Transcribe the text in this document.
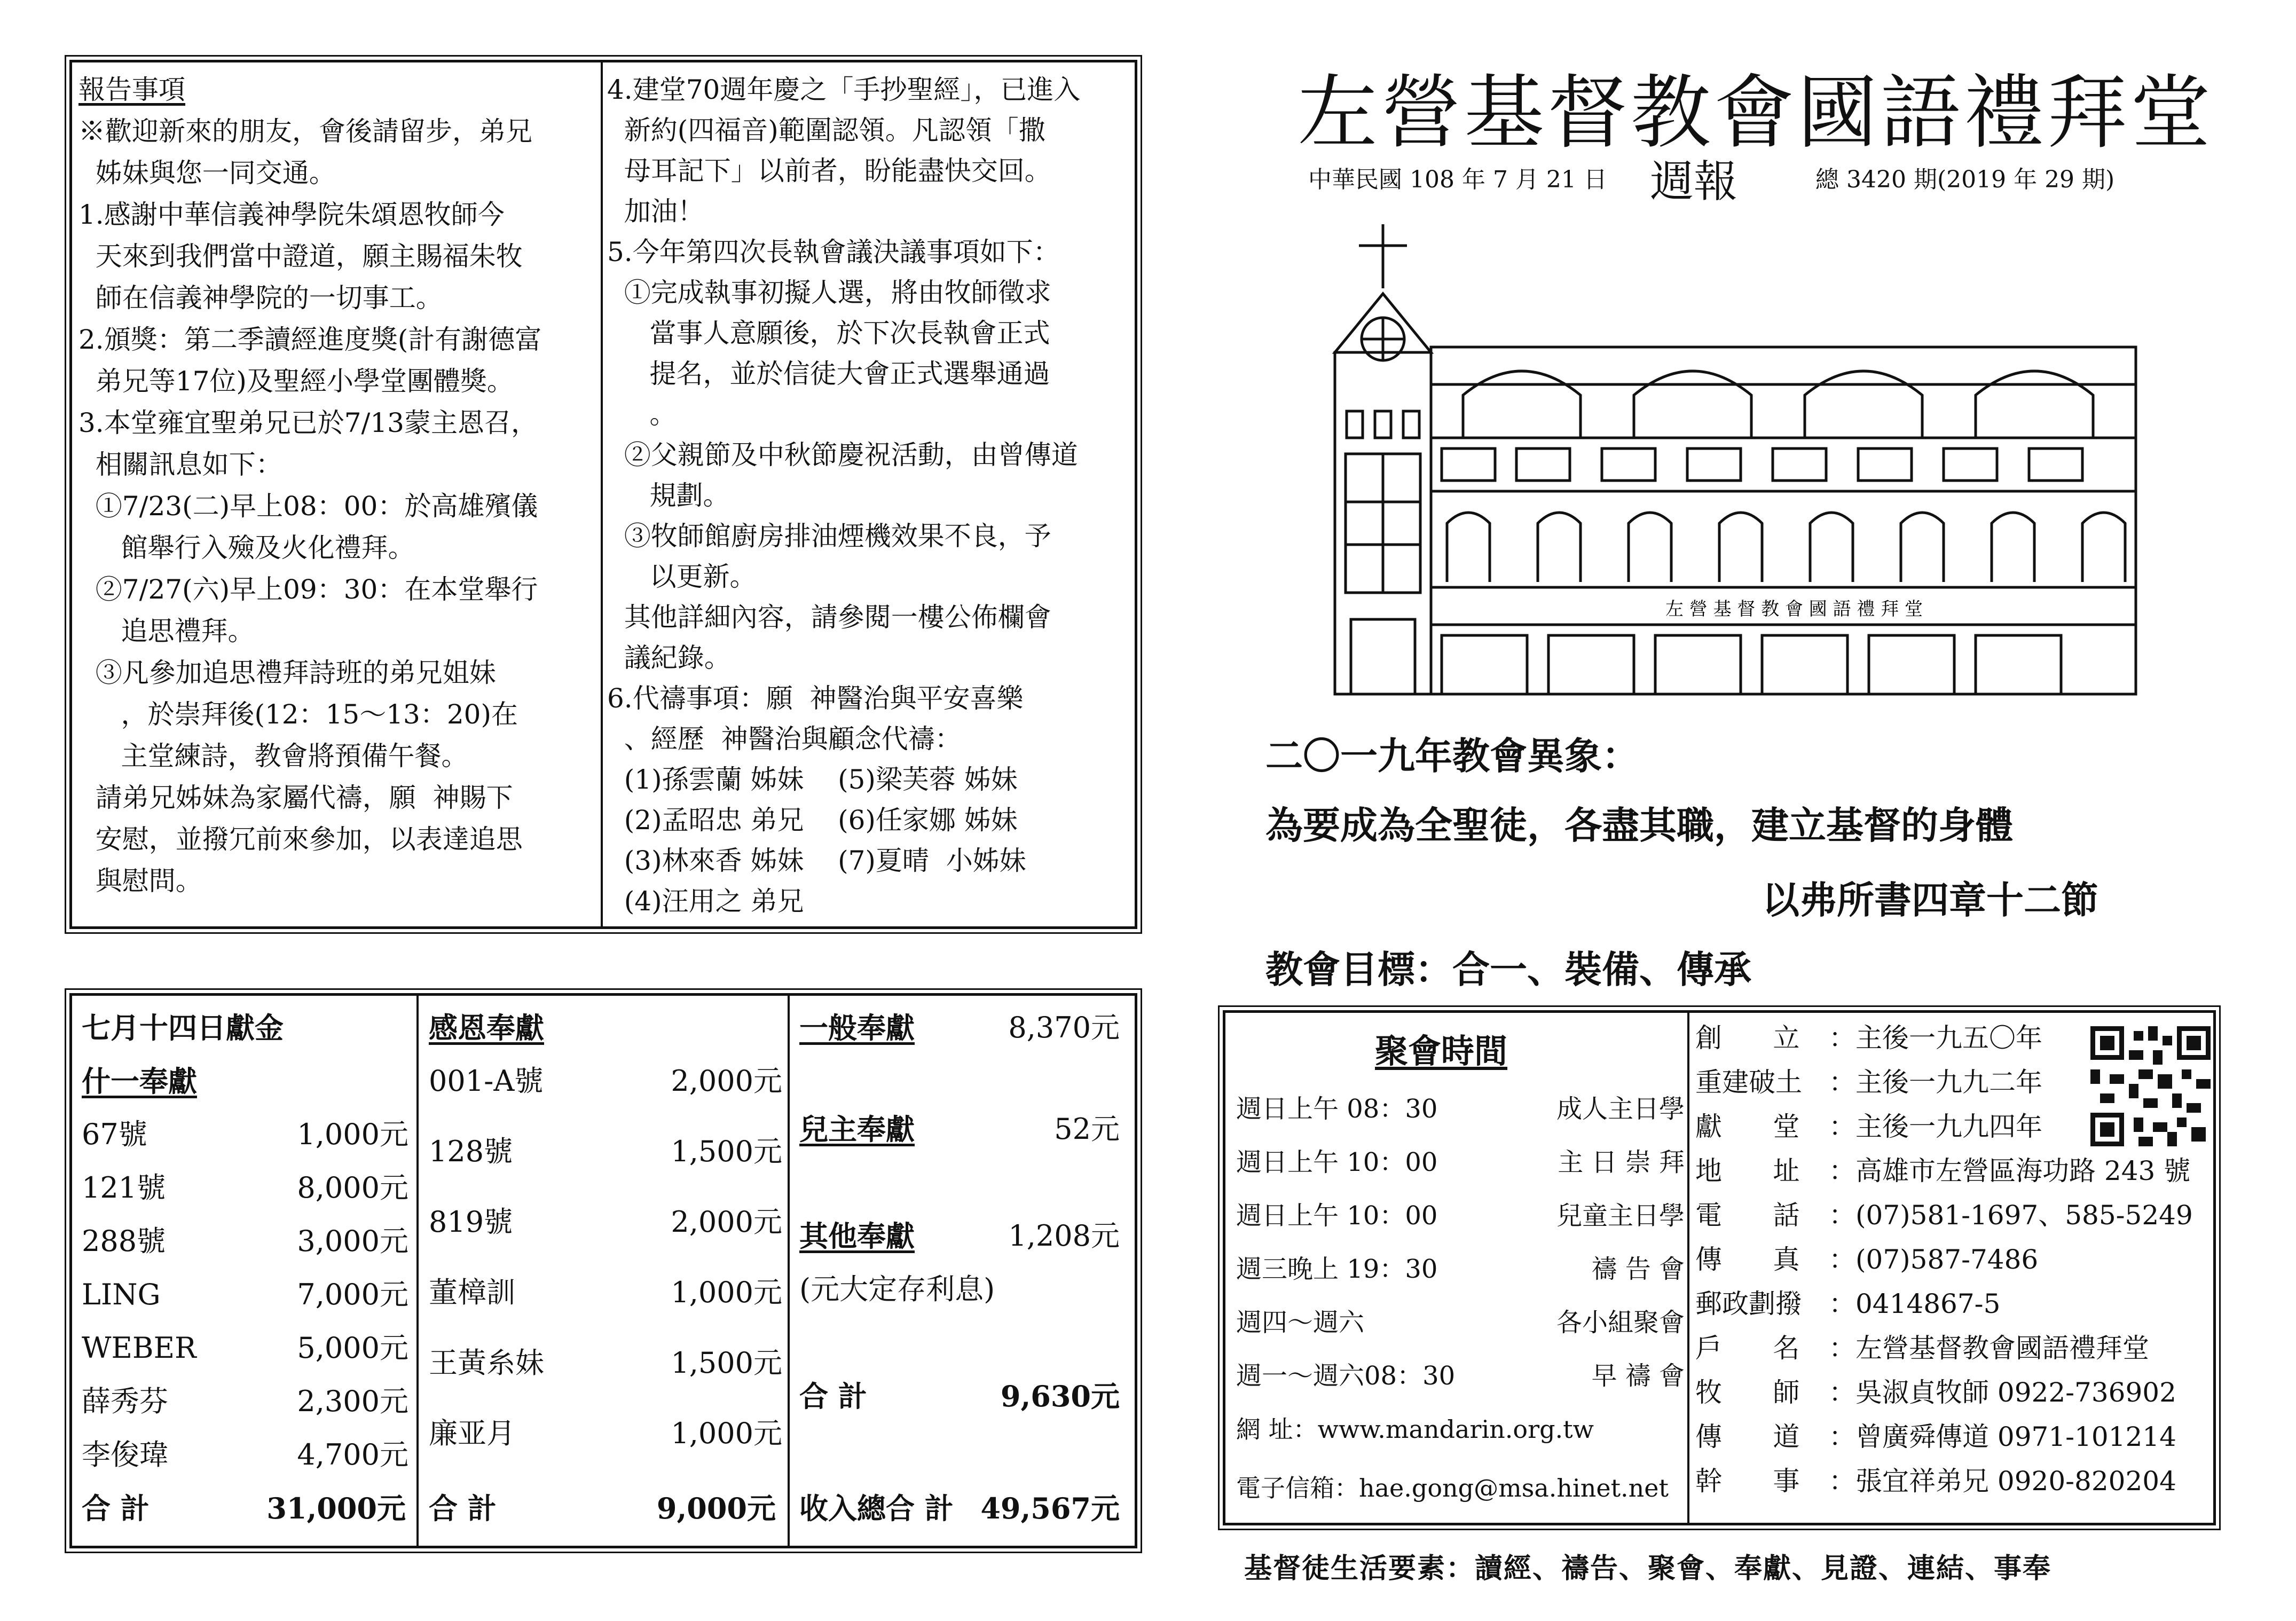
報告事項
※歡迎新來的朋友，會後請留步，弟兄
姊妹與您一同交通。
1.感謝中華信義神學院朱頌恩牧師今
天來到我們當中證道，願主賜福朱牧
師在信義神學院的一切事工。
2.頒獎：第二季讀經進度獎(計有謝德富
弟兄等17位)及聖經小學堂團體獎。
3.本堂雍宜聖弟兄已於7/13蒙主恩召，
相關訊息如下：
①7/23(二)早上08：00：於高雄殯儀
館舉行入殮及火化禮拜。
②7/27(六)早上09：30：在本堂舉行
追思禮拜。
③凡參加追思禮拜詩班的弟兄姐妹
，於崇拜後(12：15～13：20)在
主堂練詩，教會將預備午餐。
請弟兄姊妹為家屬代禱，願  神賜下
安慰，並撥冗前來參加，以表達追思
與慰問。
4.建堂70週年慶之「手抄聖經」，已進入
新約(四福音)範圍認領。凡認領「撒
母耳記下」以前者，盼能盡快交回。
加油！
5.今年第四次長執會議決議事項如下：
①完成執事初擬人選，將由牧師徵求
當事人意願後，於下次長執會正式
提名，並於信徒大會正式選舉通過
。
②父親節及中秋節慶祝活動，由曾傳道
規劃。
③牧師館廚房排油煙機效果不良，予
以更新。
其他詳細內容，請參閱一樓公佈欄會
議紀錄。
6.代禱事項：願  神醫治與平安喜樂
、經歷  神醫治與顧念代禱：
(1)孫雲蘭 姊妹    (5)梁芙蓉 姊妹
(2)孟昭忠 弟兄    (6)任家娜 姊妹
(3)林來香 姊妹    (7)夏晴  小姊妹
(4)汪用之 弟兄
左營基督教會國語禮拜堂
中華民國 108 年 7 月 21 日 週報	總 3420 期(2019 年 29 期)
左 營 基 督 教 會 國 語 禮 拜 堂
二〇一九年教會異象：
為要成為全聖徒，各盡其職，建立基督的身體
以弗所書四章十二節
教會目標：合一、裝備、傳承
七月十四日獻金
什一奉獻
67號	1,000元
121號	8,000元
288號	3,000元
LING	7,000元
WEBER	5,000元
薛秀芬	2,300元
李俊瑋	4,700元
合 計	31,000元
感恩奉獻
001-A號	2,000元
128號	1,500元
819號	2,000元
董樟訓	1,000元
王黃糸妹	1,500元
廉亚月	1,000元
合 計	9,000元
一般奉獻	8,370元
兒主奉獻	52元
其他奉獻	1,208元
(元大定存利息)
合 計	9,630元
收入總合 計 49,567元
聚會時間
週日上午 08：30	成人主日學
週日上午 10：00	主 日 崇 拜
週日上午 10：00	兒童主日學
週三晚上 19：30	禱 告 會
週四～週六	各小組聚會
週一～週六08：30	早 禱 會
網 址：www.mandarin.org.tw
電子信箱：hae.gong@msa.hinet.net
創      立 ： 主後一九五〇年
重建破土 ： 主後一九九二年
獻      堂 ： 主後一九九四年
地      址 ： 高雄市左營區海功路 243 號
電      話 ： (07)581-1697、585-5249
傳      真 ： (07)587-7486
郵政劃撥 ： 0414867-5
戶      名 ： 左營基督教會國語禮拜堂
牧      師 ： 吳淑貞牧師 0922-736902
傳      道 ： 曾廣舜傳道 0971-101214
幹      事 ： 張宜祥弟兄 0920-820204
基督徒生活要素：讀經、禱告、聚會、奉獻、見證、連結、事奉
